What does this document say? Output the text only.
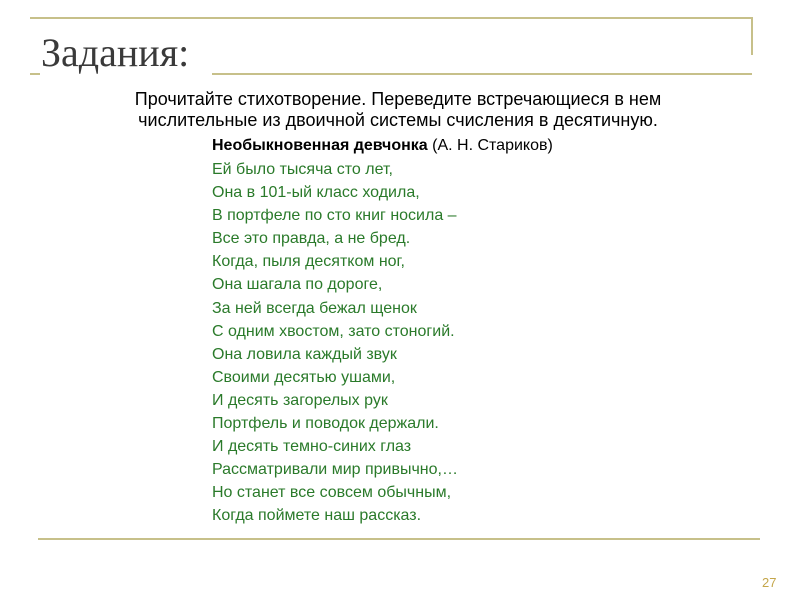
Задания:
Прочитайте стихотворение. Переведите встречающиеся в нем
числительные из двоичной системы счисления в десятичную.
Необыкновенная девчонка (А. Н. Стариков)
Ей было тысяча сто лет,
Она в 101-ый класс ходила,
В портфеле по сто книг носила –
Все это правда, а не бред.
Когда, пыля десятком ног,
Она шагала по дороге,
За ней всегда бежал щенок
С одним хвостом, зато стоногий.
Она ловила каждый звук
Своими десятью ушами,
И десять загорелых рук
Портфель и поводок держали.
И десять темно-синих глаз
Рассматривали мир привычно,…
Но станет все совсем обычным,
Когда поймете наш рассказ.
27
